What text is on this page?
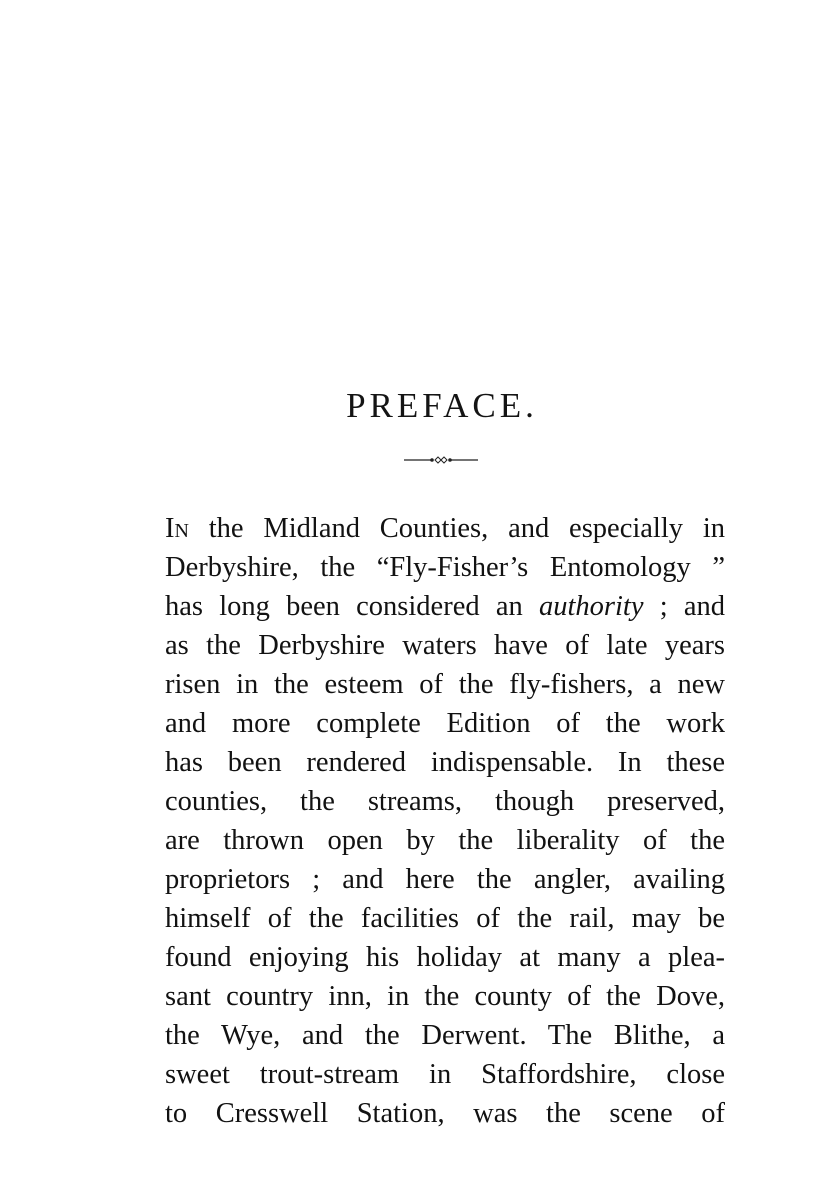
PREFACE.
In the Midland Counties, and especially in
Derbyshire, the “Fly-Fisher’s Entomology ”
has long been considered an authority ; and
as the Derbyshire waters have of late years
risen in the esteem of the fly-fishers, a new
and more complete Edition of the work
has been rendered indispensable. In these
counties, the streams, though preserved,
are thrown open by the liberality of the
proprietors ; and here the angler, availing
himself of the facilities of the rail, may be
found enjoying his holiday at many a plea-
sant country inn, in the county of the Dove,
the Wye, and the Derwent. The Blithe, a
sweet trout-stream in Staffordshire, close
to Cresswell Station, was the scene of
